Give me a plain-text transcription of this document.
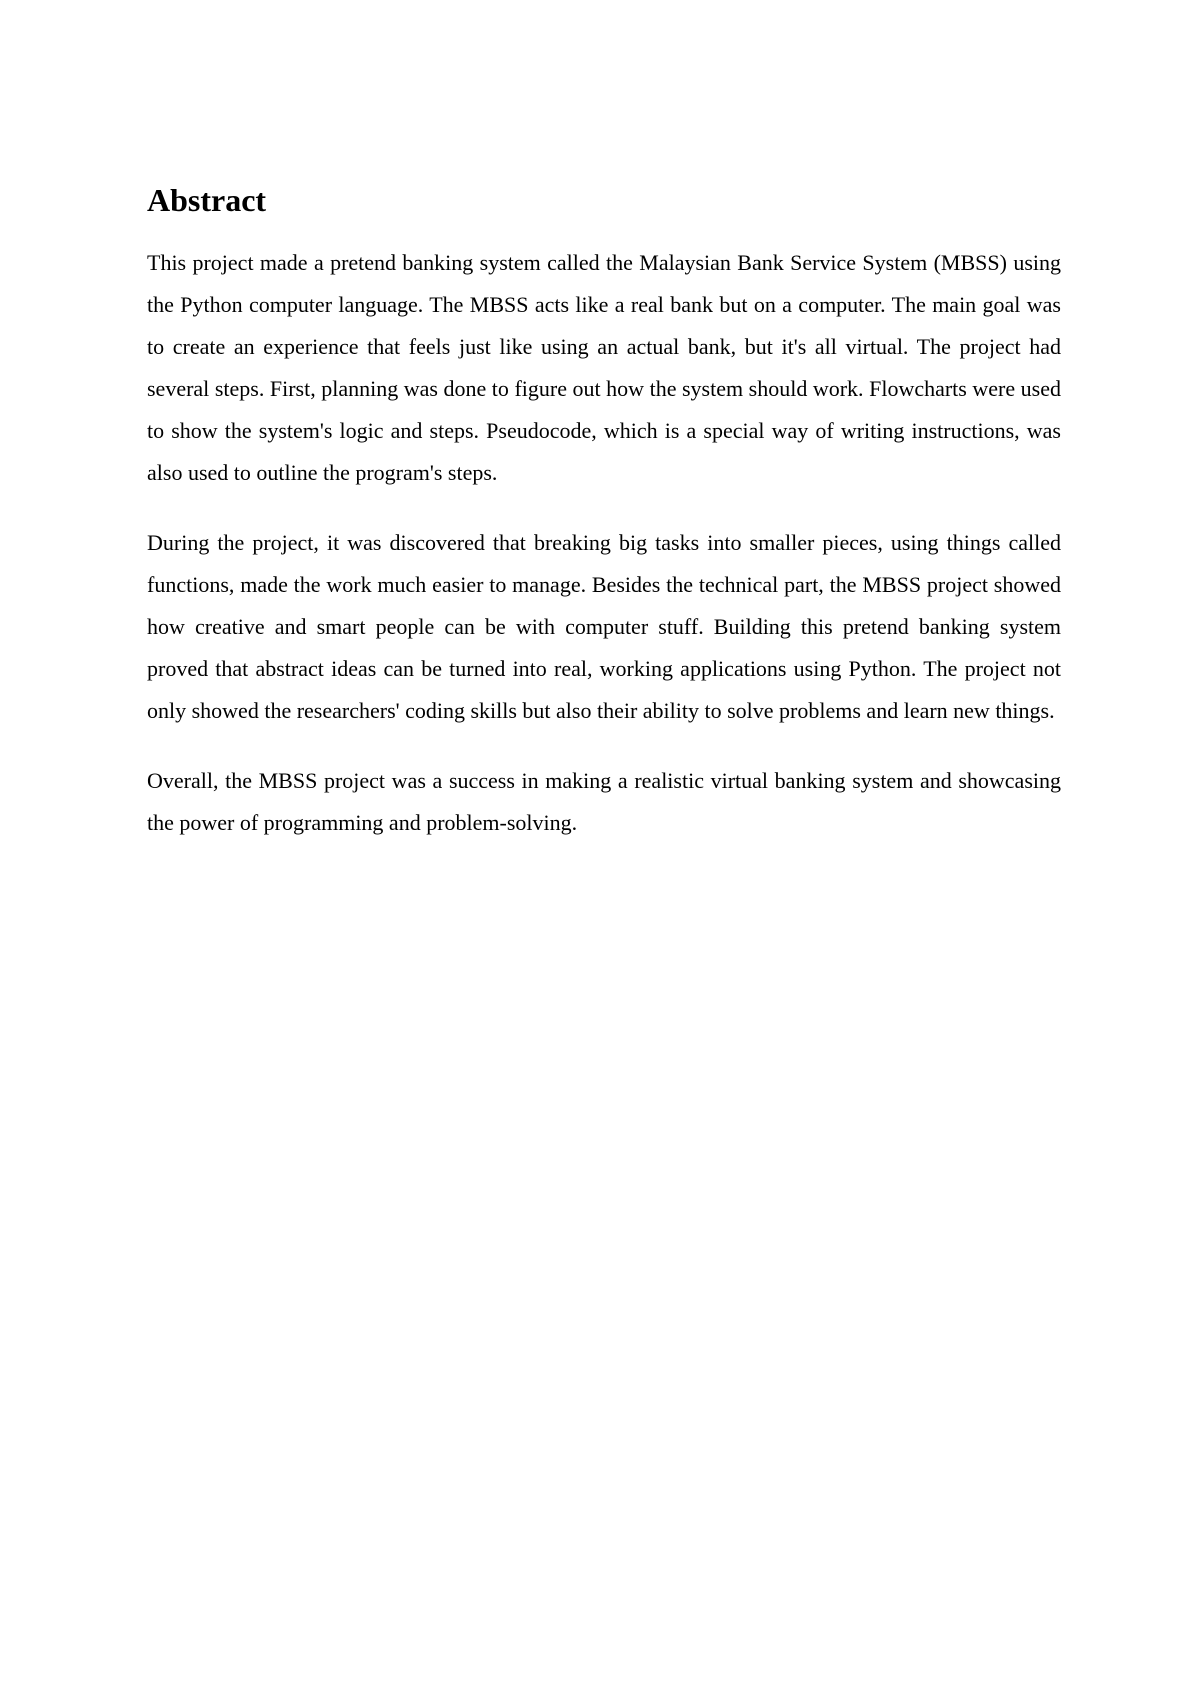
Abstract

This project made a pretend banking system called the Malaysian Bank Service System (MBSS) using the Python computer language. The MBSS acts like a real bank but on a computer. The main goal was to create an experience that feels just like using an actual bank, but it's all virtual. The project had several steps. First, planning was done to figure out how the system should work. Flowcharts were used to show the system's logic and steps. Pseudocode, which is a special way of writing instructions, was also used to outline the program's steps.

During the project, it was discovered that breaking big tasks into smaller pieces, using things called functions, made the work much easier to manage. Besides the technical part, the MBSS project showed how creative and smart people can be with computer stuff. Building this pretend banking system proved that abstract ideas can be turned into real, working applications using Python. The project not only showed the researchers' coding skills but also their ability to solve problems and learn new things.

Overall, the MBSS project was a success in making a realistic virtual banking system and showcasing the power of programming and problem-solving.
